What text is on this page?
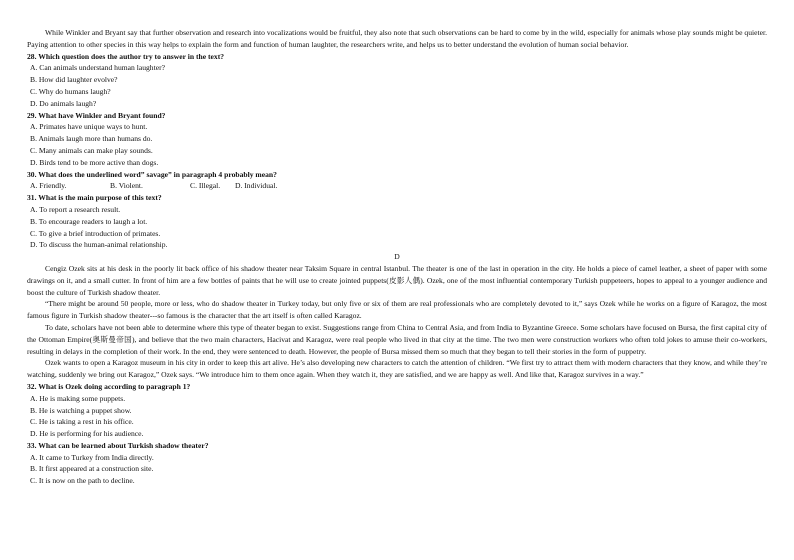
While Winkler and Bryant say that further observation and research into vocalizations would be fruitful, they also note that such observations can be hard to come by in the wild, especially for animals whose play sounds might be quieter. Paying attention to other species in this way helps to explain the form and function of human laughter, the researchers write, and helps us to better understand the evolution of human social behavior.

28. Which question does the author try to answer in the text?
A. Can animals understand human laughter?
B. How did laughter evolve?
C. Why do humans laugh?
D. Do animals laugh?
29. What have Winkler and Bryant found?
A. Primates have unique ways to hunt.
B. Animals laugh more than humans do.
C. Many animals can make play sounds.
D. Birds tend to be more active than dogs.
30. What does the underlined word” savage” in paragraph 4 probably mean?
A. Friendly.	B. Violent.	C. Illegal.	D. Individual.
31. What is the main purpose of this text?
A. To report a research result.
B. To encourage readers to laugh a lot.
C. To give a brief introduction of primates.
D. To discuss the human-animal relationship.
D

Cengiz Ozek sits at his desk in the poorly lit back office of his shadow theater near Taksim Square in central Istanbul. The theater is one of the last in operation in the city. He holds a piece of camel leather, a sheet of paper with some drawings on it, and a small cutter. In front of him are a few bottles of paints that he will use to create jointed puppets(皮影人偶). Ozek, one of the most influential contemporary Turkish puppeteers, hopes to appeal to a younger audience and boost the culture of Turkish shadow theater.

“There might be around 50 people, more or less, who do shadow theater in Turkey today, but only five or six of them are real professionals who are completely devoted to it,” says Ozek while he works on a figure of Karagoz, the most famous figure in Turkish shadow theater---so famous is the character that the art itself is often called Karagoz.

To date, scholars have not been able to determine where this type of theater began to exist. Suggestions range from China to Central Asia, and from India to Byzantine Greece. Some scholars have focused on Bursa, the first capital city of the Ottoman Empire(奥斯曼帝国), and believe that the two main characters, Hacivat and Karagoz, were real people who lived in that city at the time. The two men were construction workers who often told jokes to amuse their co-workers, resulting in delays in the completion of their work. In the end, they were sentenced to death. However, the people of Bursa missed them so much that they began to tell their stories in the form of puppetry.

Ozek wants to open a Karagoz museum in his city in order to keep this art alive. He’s also developing new characters to catch the attention of children. “We first try to attract them with modern characters that they know, and while they’re watching, suddenly we bring out Karagoz,” Ozek says. “We introduce him to them once again. When they watch it, they are satisfied, and we are happy as well. And like that, Karagoz survives in a way.”

32. What is Ozek doing according to paragraph 1?
A. He is making some puppets.
B. He is watching a puppet show.
C. He is taking a rest in his office.
D. He is performing for his audience.
33. What can be learned about Turkish shadow theater?
A. It came to Turkey from India directly.
B. It first appeared at a construction site.
C. It is now on the path to decline.
